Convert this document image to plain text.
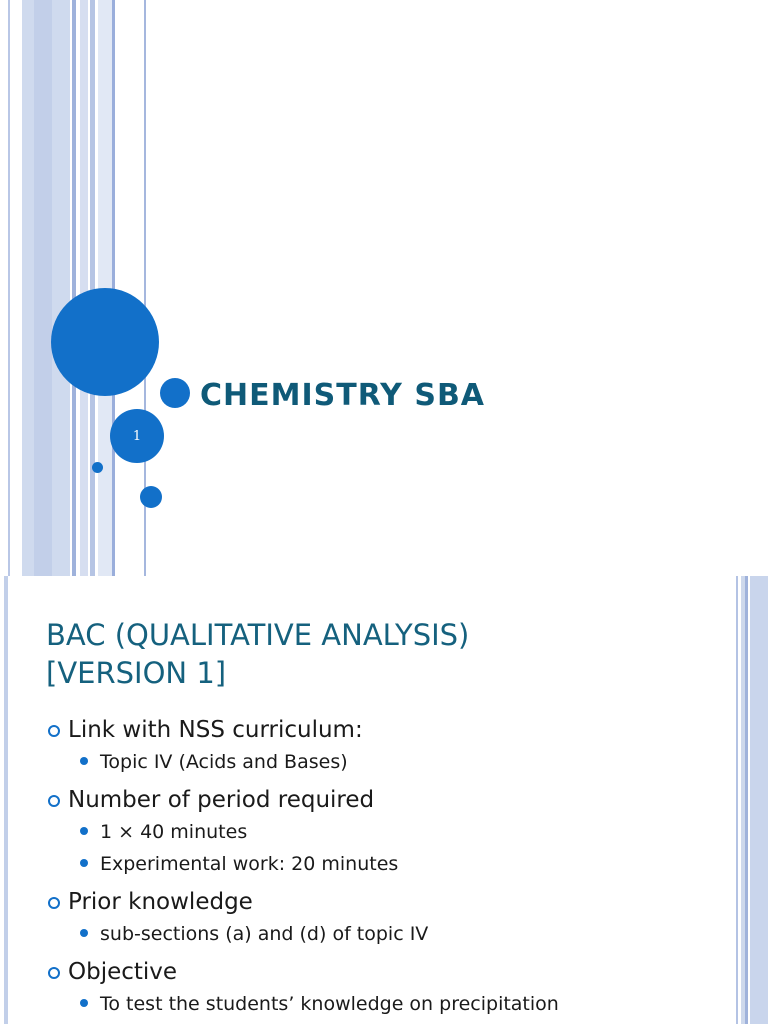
1
CHEMISTRY SBA
BAC (QUALITATIVE ANALYSIS)
[VERSION 1]
Link with NSS curriculum:
Topic IV (Acids and Bases)
Number of period required
1 × 40 minutes
Experimental work: 20 minutes
Prior knowledge
sub-sections (a) and (d) of topic IV
Objective
To test the students’ knowledge on precipitation
